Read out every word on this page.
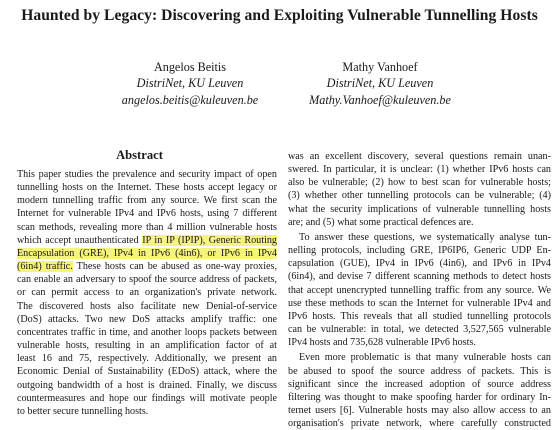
Haunted by Legacy: Discovering and Exploiting Vulnerable Tunnelling Hosts
Angelos Beitis
DistriNet, KU Leuven
angelos.beitis@kuleuven.be
Mathy Vanhoef
DistriNet, KU Leuven
Mathy.Vanhoef@kuleuven.be
Abstract
This paper studies the prevalence and security impact of open
tunnelling hosts on the Internet. These hosts accept legacy or
modern tunnelling traffic from any source. We first scan the
Internet for vulnerable IPv4 and IPv6 hosts, using 7 different
scan methods, revealing more than 4 million vulnerable hosts
which accept unauthenticated IP in IP (IPIP), Generic Routing
Encapsulation (GRE), IPv4 in IPv6 (4in6), or IPv6 in IPv4
(6in4) traffic. These hosts can be abused as one-way proxies,
can enable an adversary to spoof the source address of packets,
or can permit access to an organization's private network.
The discovered hosts also facilitate new Denial-of-service
(DoS) attacks. Two new DoS attacks amplify traffic: one
concentrates traffic in time, and another loops packets between
vulnerable hosts, resulting in an amplification factor of at
least 16 and 75, respectively. Additionally, we present an
Economic Denial of Sustainability (EDoS) attack, where the
outgoing bandwidth of a host is drained. Finally, we discuss
countermeasures and hope our findings will motivate people
to better secure tunnelling hosts.
was an excellent discovery, several questions remain unan-
swered. In particular, it is unclear: (1) whether IPv6 hosts can
also be vulnerable; (2) how to best scan for vulnerable hosts;
(3) whether other tunnelling protocols can be vulnerable; (4)
what the security implications of vulnerable tunnelling hosts
are; and (5) what some practical defences are.
To answer these questions, we systematically analyse tun-
nelling protocols, including GRE, IP6IP6, Generic UDP En-
capsulation (GUE), IPv4 in IPv6 (4in6), and IPv6 in IPv4
(6in4), and devise 7 different scanning methods to detect hosts
that accept unencrypted tunnelling traffic from any source. We
use these methods to scan the Internet for vulnerable IPv4 and
IPv6 hosts. This reveals that all studied tunnelling protocols
can be vulnerable: in total, we detected 3,527,565 vulnerable
IPv4 hosts and 735,628 vulnerable IPv6 hosts.
Even more problematic is that many vulnerable hosts can
be abused to spoof the source address of packets. This is
significant since the increased adoption of source address
filtering was thought to make spoofing harder for ordinary In-
ternet users [6]. Vulnerable hosts may also allow access to an
organisation's private network, where carefully constructed
